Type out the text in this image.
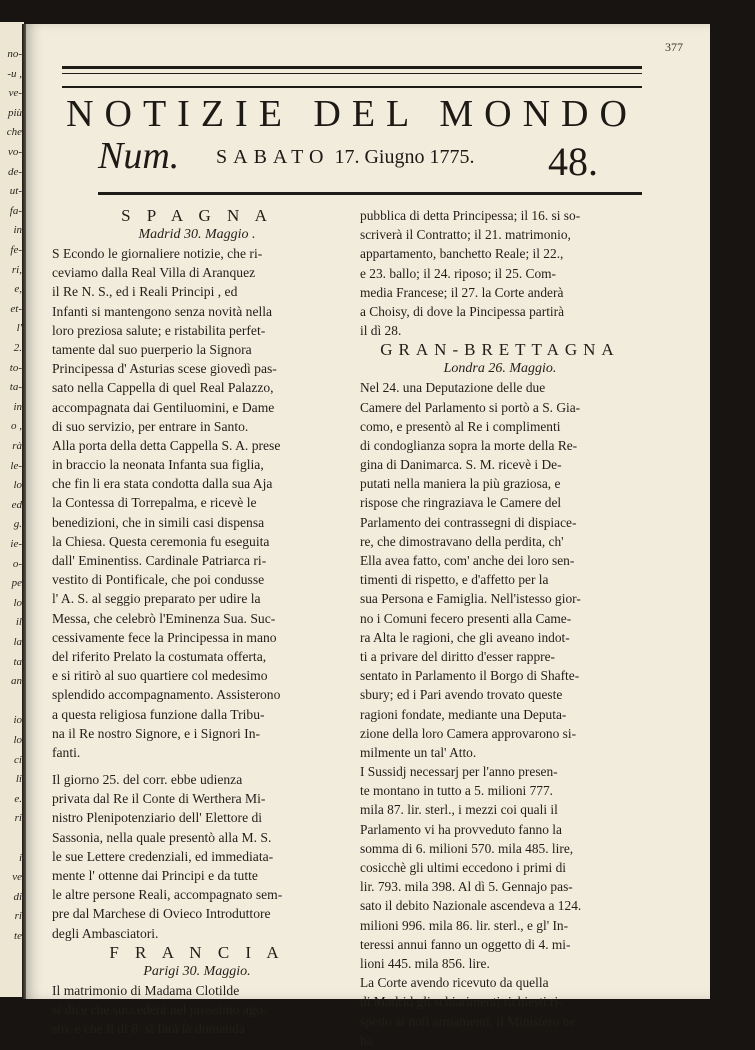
no-
-u ,
ve-
più
che
vo-
de-
ut-
fa-
in
fe-
ri,
e,
et-
l'
2.
to-
ta-
in
o ,
rà
le-
lo
ed
g.
ie-
o-
pe
lo
il
la
ta
an
io
lo
ci
li
e.
ri
i
ve
di
ri
te
377
NOTIZIE DEL MONDO
Num. SABATO 17. Giugno 1775. 48.
S P A G N A
Madrid 30. Maggio .
S Econdo le giornaliere notizie, che ri-
ceviamo dalla Real Villa di Aranquez
il Re N. S., ed i Reali Principi , ed
Infanti si mantengono senza novità nella
loro preziosa salute; e ristabilita perfet-
tamente dal suo puerperio la Signora
Principessa d' Asturias scese giovedì pas-
sato nella Cappella di quel Real Palazzo,
accompagnata dai Gentiluomini, e Dame
di suo servizio, per entrare in Santo.
Alla porta della detta Cappella S. A. prese
in braccio la neonata Infanta sua figlia,
che fin li era stata condotta dalla sua Aja
la Contessa di Torrepalma, e ricevè le
benedizioni, che in simili casi dispensa
la Chiesa. Questa ceremonia fu eseguita
dall' Eminentiss. Cardinale Patriarca ri-
vestito di Pontificale, che poi condusse
l' A. S. al seggio preparato per udire la
Messa, che celebrò l'Eminenza Sua. Suc-
cessivamente fece la Principessa in mano
del riferito Prelato la costumata offerta,
e si ritirò al suo quartiere col medesimo
splendido accompagnamento. Assisterono
a questa religiosa funzione dalla Tribu-
na il Re nostro Signore, e i Signori In-
fanti.
Il giorno 25. del corr. ebbe udienza
privata dal Re il Conte di Werthera Mi-
nistro Plenipotenziario dell' Elettore di
Sassonia, nella quale presentò alla M. S.
le sue Lettere credenziali, ed immediata-
mente l' ottenne dai Principi e da tutte
le altre persone Reali, accompagnato sem-
pre dal Marchese di Ovieco Introduttore
degli Ambasciatori.
F R A N C I A
Parigi 30. Maggio.
Il matrimonio di Madama Clotilde
si dice che succederà nel prossimo ago-
sto, e che il dì 8. si farà la domanda
pubblica di detta Principessa; il 16. si so-
scriverà il Contratto; il 21. matrimonio,
appartamento, banchetto Reale; il 22.,
e 23. ballo; il 24. riposo; il 25. Com-
media Francese; il 27. la Corte anderà
a Choisy, di dove la Pincipessa partirà
il dì 28.
GRAN-BRETTAGNA
Londra 26. Maggio.
Nel 24. una Deputazione delle due
Camere del Parlamento si portò a S. Gia-
como, e presentò al Re i complimenti
di condoglianza sopra la morte della Re-
gina di Danimarca. S. M. ricevè i De-
putati nella maniera la più graziosa, e
rispose che ringraziava le Camere del
Parlamento dei contrassegni di dispiace-
re, che dimostravano della perdita, ch'
Ella avea fatto, com' anche dei loro sen-
timenti di rispetto, e d'affetto per la
sua Persona e Famiglia. Nell'istesso gior-
no i Comuni fecero presenti alla Came-
ra Alta le ragioni, che gli aveano indot-
ti a privare del diritto d'esser rappre-
sentato in Parlamento il Borgo di Shafte-
sbury; ed i Pari avendo trovato queste
ragioni fondate, mediante una Deputa-
zione della loro Camera approvarono si-
milmente un tal' Atto.
I Sussidj necessarj per l'anno presen-
te montano in tutto a 5. milioni 777.
mila 87. lir. sterl., i mezzi coi quali il
Parlamento vi ha provveduto fanno la
somma di 6. milioni 570. mila 485. lire,
cosicchè gli ultimi eccedono i primi di
lir. 793. mila 398. Al dì 5. Gennajo pas-
sato il debito Nazionale ascendeva a 124.
milioni 996. mila 86. lir. sterl., e gl' In-
teressi annui fanno un oggetto di 4. mi-
lioni 445. mila 856. lire.
La Corte avendo ricevuto da quella
di Madrid gli schiarimenti richiesti ri-
spetto ai noti armamenti, il Ministero ne
ha
